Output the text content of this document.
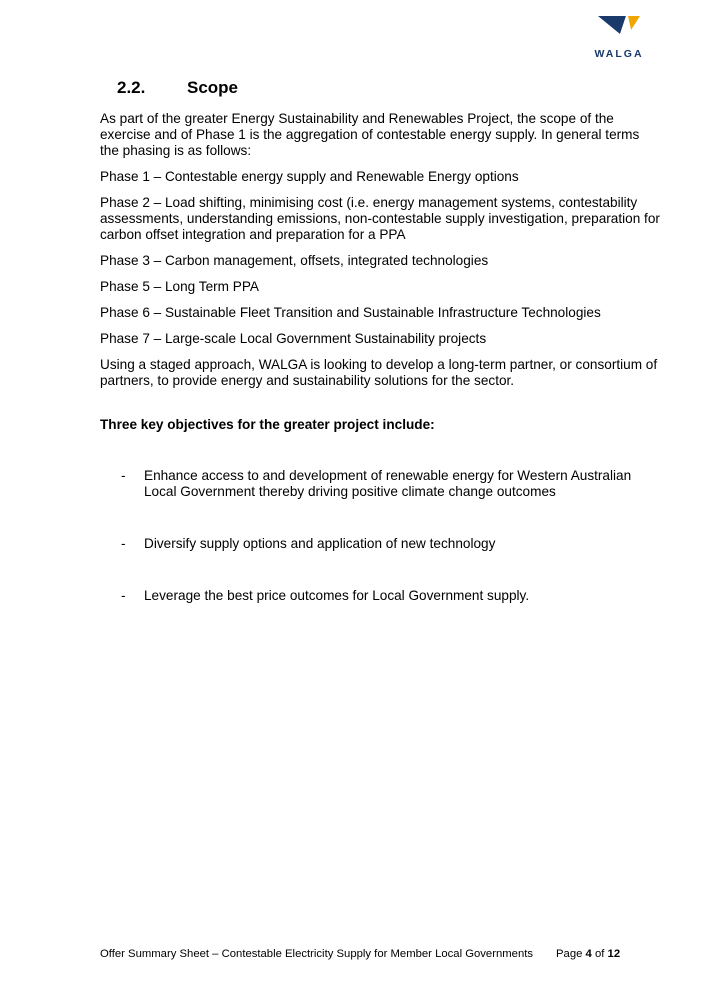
WALGA
2.2. Scope

As part of the greater Energy Sustainability and Renewables Project, the scope of the exercise and of Phase 1 is the aggregation of contestable energy supply. In general terms the phasing is as follows:

Phase 1 – Contestable energy supply and Renewable Energy options

Phase 2 – Load shifting, minimising cost (i.e. energy management systems, contestability assessments, understanding emissions, non-contestable supply investigation, preparation for carbon offset integration and preparation for a PPA

Phase 3 – Carbon management, offsets, integrated technologies

Phase 5 – Long Term PPA

Phase 6 – Sustainable Fleet Transition and Sustainable Infrastructure Technologies

Phase 7 – Large-scale Local Government Sustainability projects

Using a staged approach, WALGA is looking to develop a long-term partner, or consortium of partners, to provide energy and sustainability solutions for the sector.

Three key objectives for the greater project include:

- Enhance access to and development of renewable energy for Western Australian Local Government thereby driving positive climate change outcomes
- Diversify supply options and application of new technology
- Leverage the best price outcomes for Local Government supply.
Offer Summary Sheet – Contestable Electricity Supply for Member Local Governments Page 4 of 12
